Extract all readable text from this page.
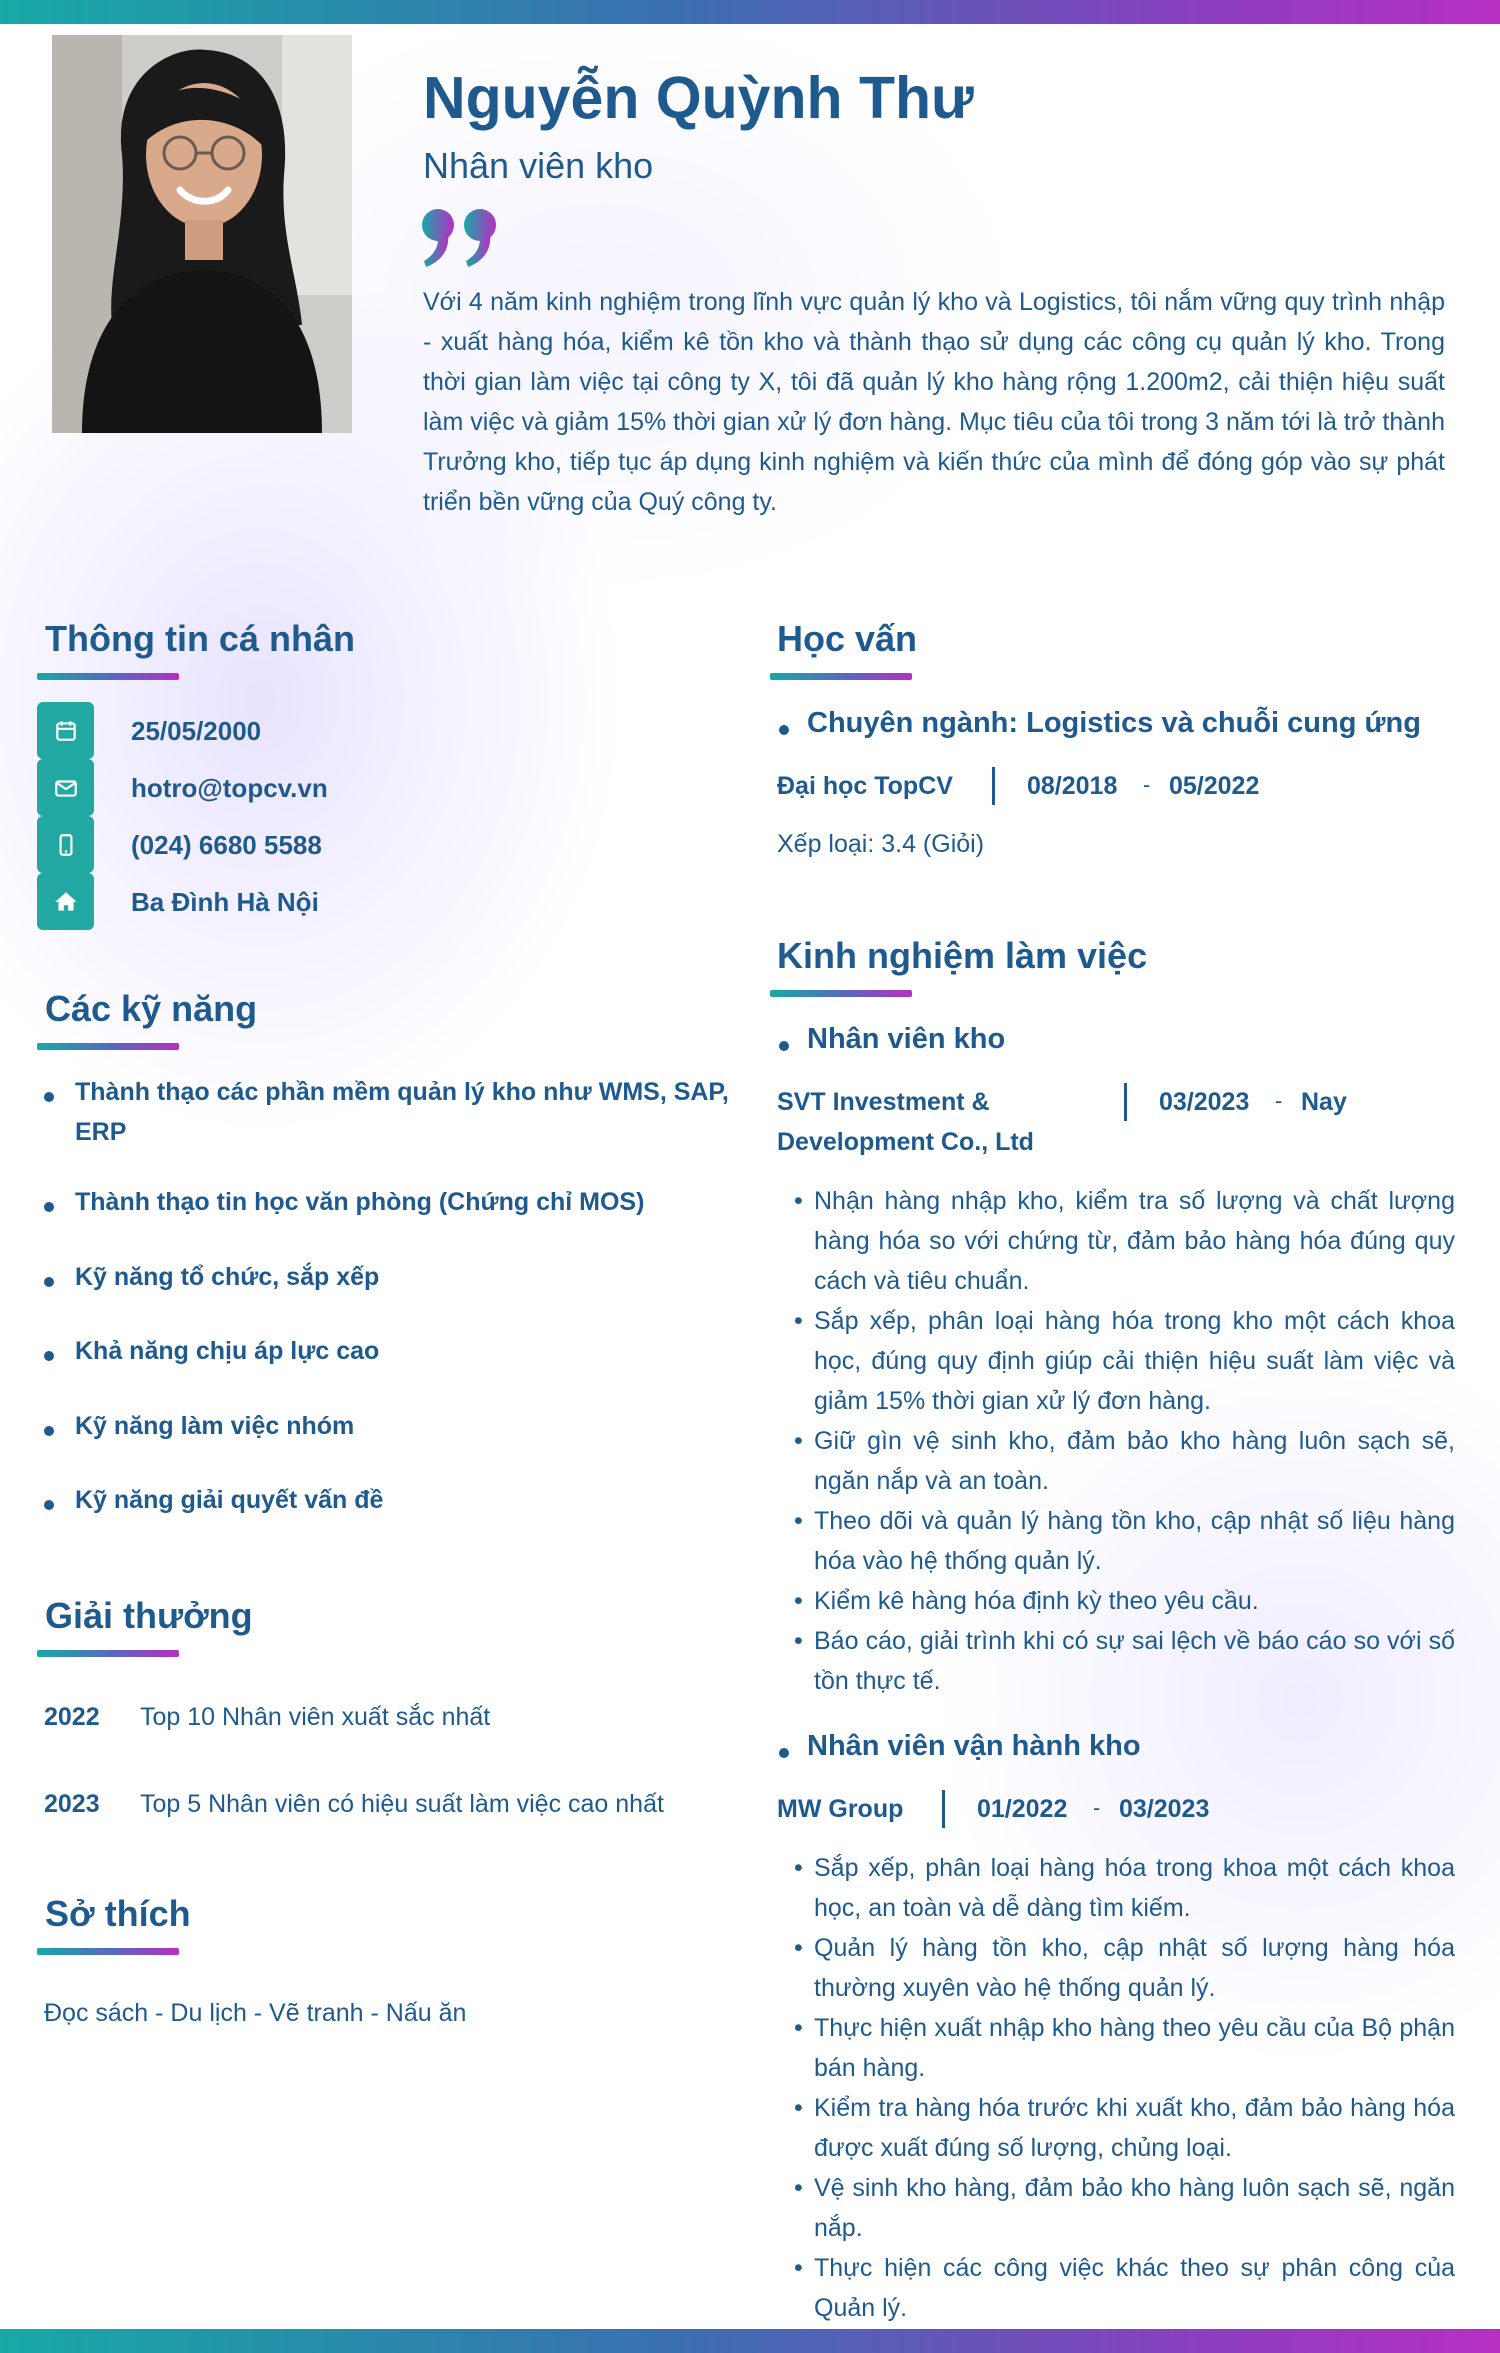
Nguyễn Quỳnh Thư
Nhân viên kho
Với 4 năm kinh nghiệm trong lĩnh vực quản lý kho và Logistics, tôi nắm vững quy trình nhập - xuất hàng hóa, kiểm kê tồn kho và thành thạo sử dụng các công cụ quản lý kho. Trong thời gian làm việc tại công ty X, tôi đã quản lý kho hàng rộng 1.200m2, cải thiện hiệu suất làm việc và giảm 15% thời gian xử lý đơn hàng. Mục tiêu của tôi trong 3 năm tới là trở thành Trưởng kho, tiếp tục áp dụng kinh nghiệm và kiến thức của mình để đóng góp vào sự phát triển bền vững của Quý công ty.
Thông tin cá nhân
25/05/2000
hotro@topcv.vn
(024) 6680 5588
Ba Đình Hà Nội
Các kỹ năng
Thành thạo các phần mềm quản lý kho như WMS, SAP, ERP
Thành thạo tin học văn phòng (Chứng chỉ MOS)
Kỹ năng tổ chức, sắp xếp
Khả năng chịu áp lực cao
Kỹ năng làm việc nhóm
Kỹ năng giải quyết vấn đề
Giải thưởng
2022 Top 10 Nhân viên xuất sắc nhất
2023 Top 5 Nhân viên có hiệu suất làm việc cao nhất
Sở thích
Đọc sách - Du lịch - Vẽ tranh - Nấu ăn
Học vấn
Chuyên ngành: Logistics và chuỗi cung ứng
Đại học TopCV	08/2018 - 05/2022
Xếp loại: 3.4 (Giỏi)
Kinh nghiệm làm việc
Nhân viên kho
SVT Investment & Development Co., Ltd
03/2023 - Nay
• Nhận hàng nhập kho, kiểm tra số lượng và chất lượng hàng hóa so với chứng từ, đảm bảo hàng hóa đúng quy cách và tiêu chuẩn.
• Sắp xếp, phân loại hàng hóa trong kho một cách khoa học, đúng quy định giúp cải thiện hiệu suất làm việc và giảm 15% thời gian xử lý đơn hàng.
• Giữ gìn vệ sinh kho, đảm bảo kho hàng luôn sạch sẽ, ngăn nắp và an toàn.
• Theo dõi và quản lý hàng tồn kho, cập nhật số liệu hàng hóa vào hệ thống quản lý.
• Kiểm kê hàng hóa định kỳ theo yêu cầu.
• Báo cáo, giải trình khi có sự sai lệch về báo cáo so với số tồn thực tế.
Nhân viên vận hành kho
MW Group	01/2022 - 03/2023
• Sắp xếp, phân loại hàng hóa trong khoa một cách khoa học, an toàn và dễ dàng tìm kiếm.
• Quản lý hàng tồn kho, cập nhật số lượng hàng hóa thường xuyên vào hệ thống quản lý.
• Thực hiện xuất nhập kho hàng theo yêu cầu của Bộ phận bán hàng.
• Kiểm tra hàng hóa trước khi xuất kho, đảm bảo hàng hóa được xuất đúng số lượng, chủng loại.
• Vệ sinh kho hàng, đảm bảo kho hàng luôn sạch sẽ, ngăn nắp.
• Thực hiện các công việc khác theo sự phân công của Quản lý.
